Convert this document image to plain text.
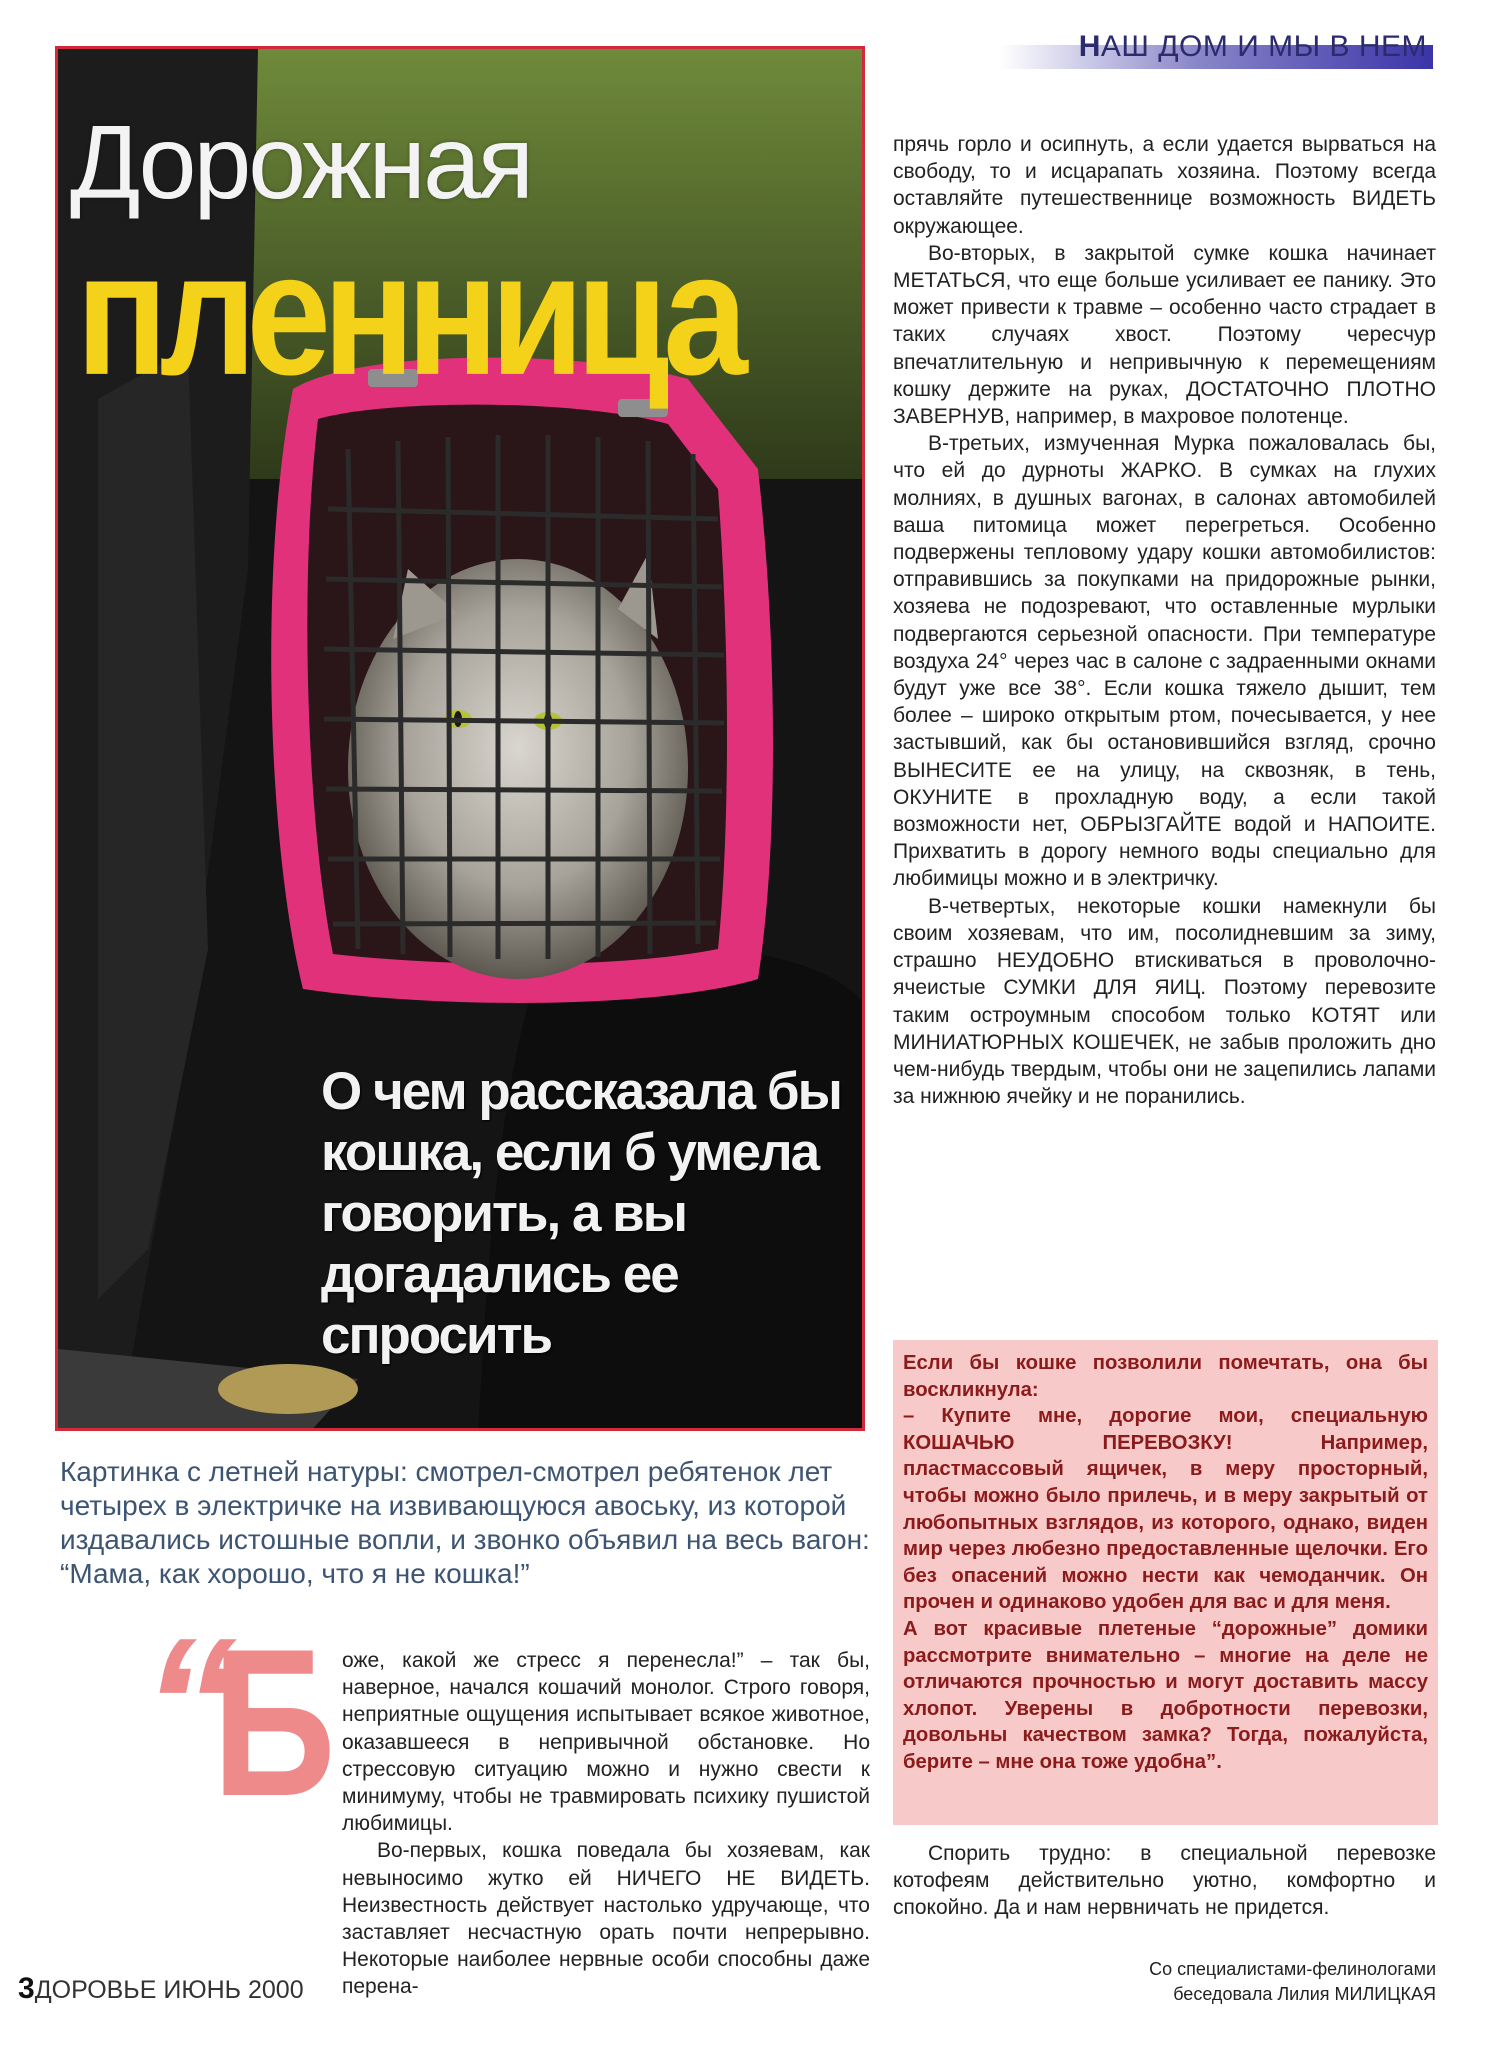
НАШ ДОМ И МЫ В НЕМ
Дорожная
пленница
О чем рассказала бы кошка, если б умела говорить, а вы догадались ее спросить

прячь горло и осипнуть, а если удается вырваться на свободу, то и исцарапать хозяина. Поэтому всегда оставляйте путешественнице возможность ВИДЕТЬ окружающее.

Во-вторых, в закрытой сумке кошка начинает МЕТАТЬСЯ, что еще больше усиливает ее панику. Это может привести к травме – особенно часто страдает в таких случаях хвост. Поэтому чересчур впечатлительную и непривычную к перемещениям кошку держите на руках, ДОСТАТОЧНО ПЛОТНО ЗАВЕРНУВ, например, в махровое полотенце.

В-третьих, измученная Мурка пожаловалась бы, что ей до дурноты ЖАРКО. В сумках на глухих молниях, в душных вагонах, в салонах автомобилей ваша питомица может перегреться. Особенно подвержены тепловому удару кошки автомобилистов: отправившись за покупками на придорожные рынки, хозяева не подозревают, что оставленные мурлыки подвергаются серьезной опасности. При температуре воздуха 24° через час в салоне с задраенными окнами будут уже все 38°. Если кошка тяжело дышит, тем более – широко открытым ртом, почесывается, у нее застывший, как бы остановившийся взгляд, срочно ВЫНЕСИТЕ ее на улицу, на сквозняк, в тень, ОКУНИТЕ в прохладную воду, а если такой возможности нет, ОБРЫЗГАЙТЕ водой и НАПОИТЕ. Прихватить в дорогу немного воды специально для любимицы можно и в электричку.

В-четвертых, некоторые кошки намекнули бы своим хозяевам, что им, посолидневшим за зиму, страшно НЕУДОБНО втискиваться в проволочно-ячеистые СУМКИ ДЛЯ ЯИЦ. Поэтому перевозите таким остроумным способом только КОТЯТ или МИНИАТЮРНЫХ КОШЕЧЕК, не забыв проложить дно чем-нибудь твердым, чтобы они не зацепились лапами за нижнюю ячейку и не поранились.

Если бы кошке позволили помечтать, она бы воскликнула:

– Купите мне, дорогие мои, специальную КОШАЧЬЮ ПЕРЕВОЗКУ! Например, пластмассовый ящичек, в меру просторный, чтобы можно было прилечь, и в меру закрытый от любопытных взглядов, из которого, однако, виден мир через любезно предоставленные щелочки. Его без опасений можно нести как чемоданчик. Он прочен и одинаково удобен для вас и для меня.

А вот красивые плетеные “дорожные” домики рассмотрите внимательно – многие на деле не отличаются прочностью и могут доставить массу хлопот. Уверены в добротности перевозки, довольны качеством замка? Тогда, пожалуйста, берите – мне она тоже удобна”.

Спорить трудно: в специальной перевозке котофеям действительно уютно, комфортно и спокойно. Да и нам нервничать не придется.

Со специалистами-фелинологами
беседовала Лилия МИЛИЦКАЯ
Картинка с летней натуры: смотрел-смотрел ребятенок лет четырех в электричке на извивающуюся авоську, из которой издавались истошные вопли, и звонко объявил на весь вагон: “Мама, как хорошо, что я не кошка!”
“
Б оже, какой же стресс я перенесла!” – так бы, наверное, начался кошачий монолог. Строго говоря, неприятные ощущения испытывает всякое животное, оказавшееся в непривычной обстановке. Но стрессовую ситуацию можно и нужно свести к минимуму, чтобы не травмировать психику пушистой любимицы.

Во-первых, кошка поведала бы хозяевам, как невыносимо жутко ей НИЧЕГО НЕ ВИДЕТЬ. Неизвестность действует настолько удручающе, что заставляет несчастную орать почти непрерывно. Некоторые наиболее нервные особи способны даже перена-

3ДОРОВЬЕ ИЮНЬ 2000
